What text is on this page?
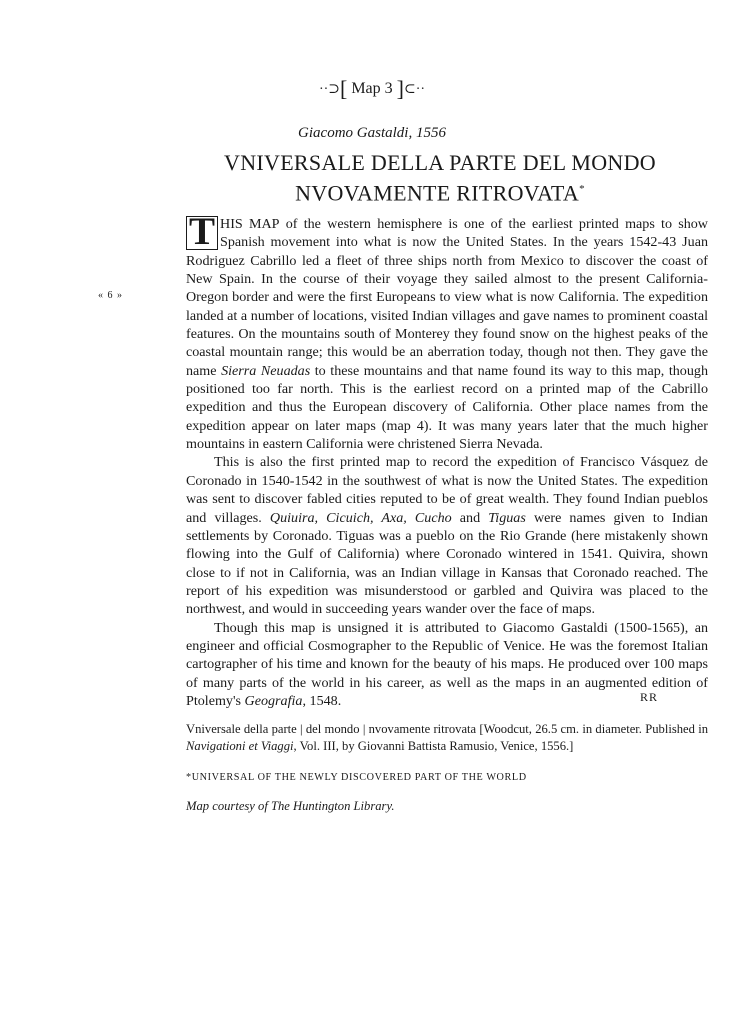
« 6 »
··⊃[ Map 3 ]⊂··
Giacomo Gastaldi, 1556
VNIVERSALE DELLA PARTE DEL MONDO
NVOVAMENTE RITROVATA*

T HIS MAP of the western hemisphere is one of the earliest printed maps to show Spanish movement into what is now the United States. In the years 1542-43 Juan Rodriguez Cabrillo led a fleet of three ships north from Mexico to discover the coast of New Spain. In the course of their voyage they sailed almost to the present California-Oregon border and were the first Europeans to view what is now California. The expedition landed at a number of locations, visited Indian villages and gave names to prominent coastal features. On the mountains south of Monterey they found snow on the highest peaks of the coastal mountain range; this would be an aberration today, though not then. They gave the name Sierra Neuadas to these mountains and that name found its way to this map, though positioned too far north. This is the earliest record on a printed map of the Cabrillo expedition and thus the European discovery of California. Other place names from the expedition appear on later maps (map 4). It was many years later that the much higher mountains in eastern California were christened Sierra Nevada.

This is also the first printed map to record the expedition of Francisco Vásquez de Coronado in 1540-1542 in the southwest of what is now the United States. The expedition was sent to discover fabled cities reputed to be of great wealth. They found Indian pueblos and villages. Quiuira, Cicuich, Axa, Cucho and Tiguas were names given to Indian settlements by Coronado. Tiguas was a pueblo on the Rio Grande (here mistakenly shown flowing into the Gulf of California) where Coronado wintered in 1541. Quivira, shown close to if not in California, was an Indian village in Kansas that Coronado reached. The report of his expedition was misunderstood or garbled and Quivira was placed to the northwest, and would in succeeding years wander over the face of maps.

Though this map is unsigned it is attributed to Giacomo Gastaldi (1500-1565), an engineer and official Cosmographer to the Republic of Venice. He was the foremost Italian cartographer of his time and known for the beauty of his maps. He produced over 100 maps of many parts of the world in his career, as well as the maps in an augmented edition of Ptolemy's Geografia, 1548.	RR
Vniversale della parte | del mondo | nvovamente ritrovata [Woodcut, 26.5 cm. in diameter. Published in Navigationi et Viaggi, Vol. III, by Giovanni Battista Ramusio, Venice, 1556.]
*UNIVERSAL OF THE NEWLY DISCOVERED PART OF THE WORLD
Map courtesy of The Huntington Library.
